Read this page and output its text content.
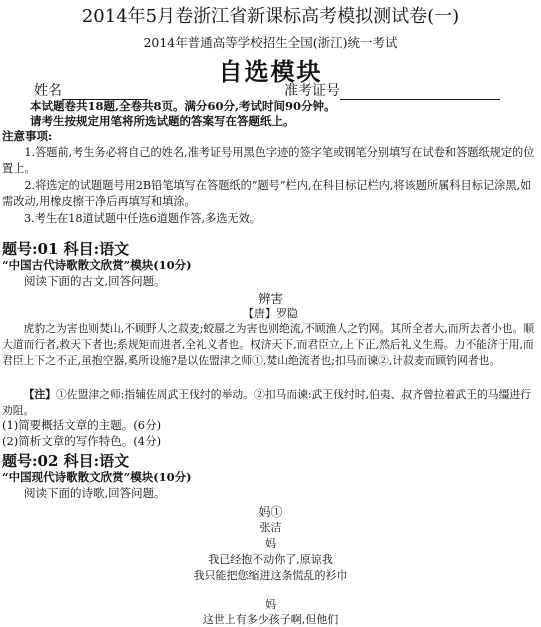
2014年5月卷浙江省新课标高考模拟测试卷(一)
2014年普通高等学校招生全国(浙江)统一考试
自选模块
姓名	准考证号
本试题卷共18题,全卷共8页。满分60分,考试时间90分钟。
请考生按规定用笔将所选试题的答案写在答题纸上。
注意事项:
1.答题前,考生务必将自己的姓名,准考证号用黑色字迹的签字笔或钢笔分别填写在试卷和答题纸规定的位置上。
2.将选定的试题题号用2B铅笔填写在答题纸的“题号”栏内,在科目标记栏内,将该题所属科目标记涂黑,如需改动,用橡皮擦干净后再填写和填涂。
3.考生在18道试题中任选6道题作答,多选无效。
题号:01 科目:语文
“中国古代诗歌散文欣赏”模块(10分)
阅读下面的古文,回答问题。
辨害
【唐】罗隐
虎豹之为害也则焚山,不顾野人之菽麦;蛟蜃之为害也则绝流,不顾渔人之钓网。其所全者大,而所去者小也。顺大道而行者,救天下者也;系规矩而进者,全礼义者也。权济天下,而君臣立,上下正,然后礼义生焉。力不能济于用,而君臣上下之不正,虽抱空器,奚所设施?是以佐盟津之师①,焚山绝流者也;扣马而谏②,计菽麦而顾钓网者也。
【注】①佐盟津之师:指辅佐周武王伐纣的举动。②扣马而谏:武王伐纣时,伯夷、叔齐曾拉着武王的马缰进行劝阻。
(1)简要概括文章的主题。(6分)
(2)简析文章的写作特色。(4分)
题号:02 科目:语文
“中国现代诗歌散文欣赏”模块(10分)
阅读下面的诗歌,回答问题。
妈①
张洁
妈
我已经抱不动你了,原谅我
我只能把您缩进这条慌乱的衫巾
妈
这世上有多少孩子啊,但他们
